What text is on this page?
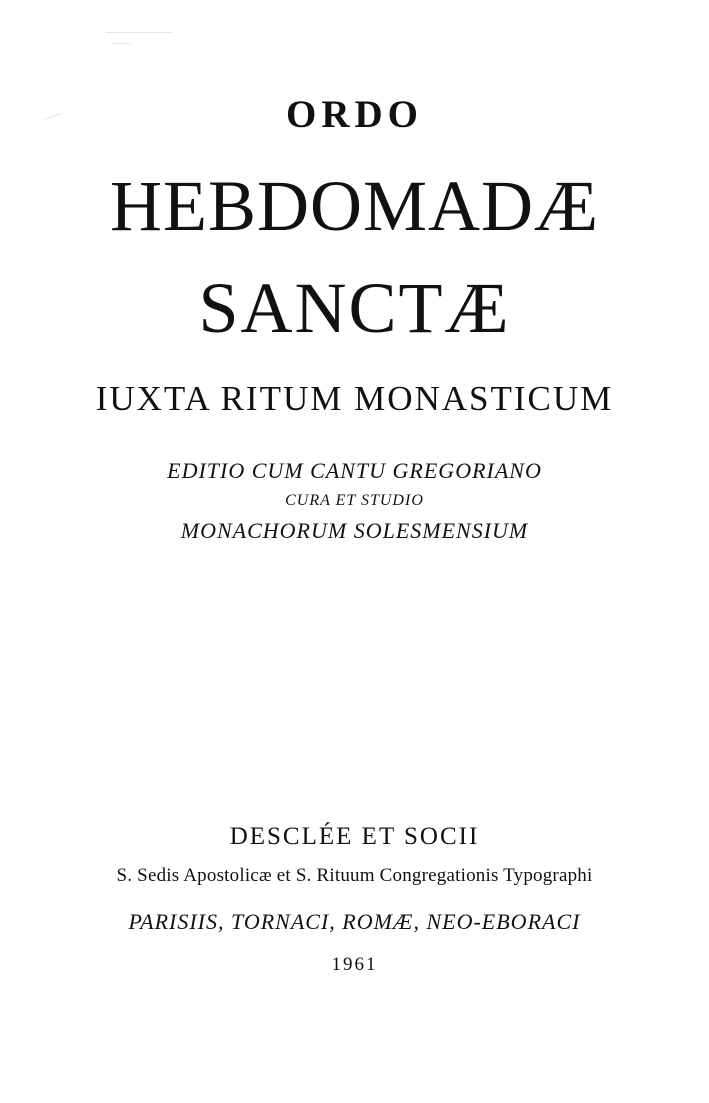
ORDO
HEBDOMADÆ
SANCTÆ
IUXTA RITUM MONASTICUM
EDITIO CUM CANTU GREGORIANO
CURA ET STUDIO
MONACHORUM SOLESMENSIUM
DESCLÉE ET SOCII
S. Sedis Apostolicæ et S. Rituum Congregationis Typographi
PARISIIS, TORNACI, ROMÆ, NEO-EBORACI
1961
